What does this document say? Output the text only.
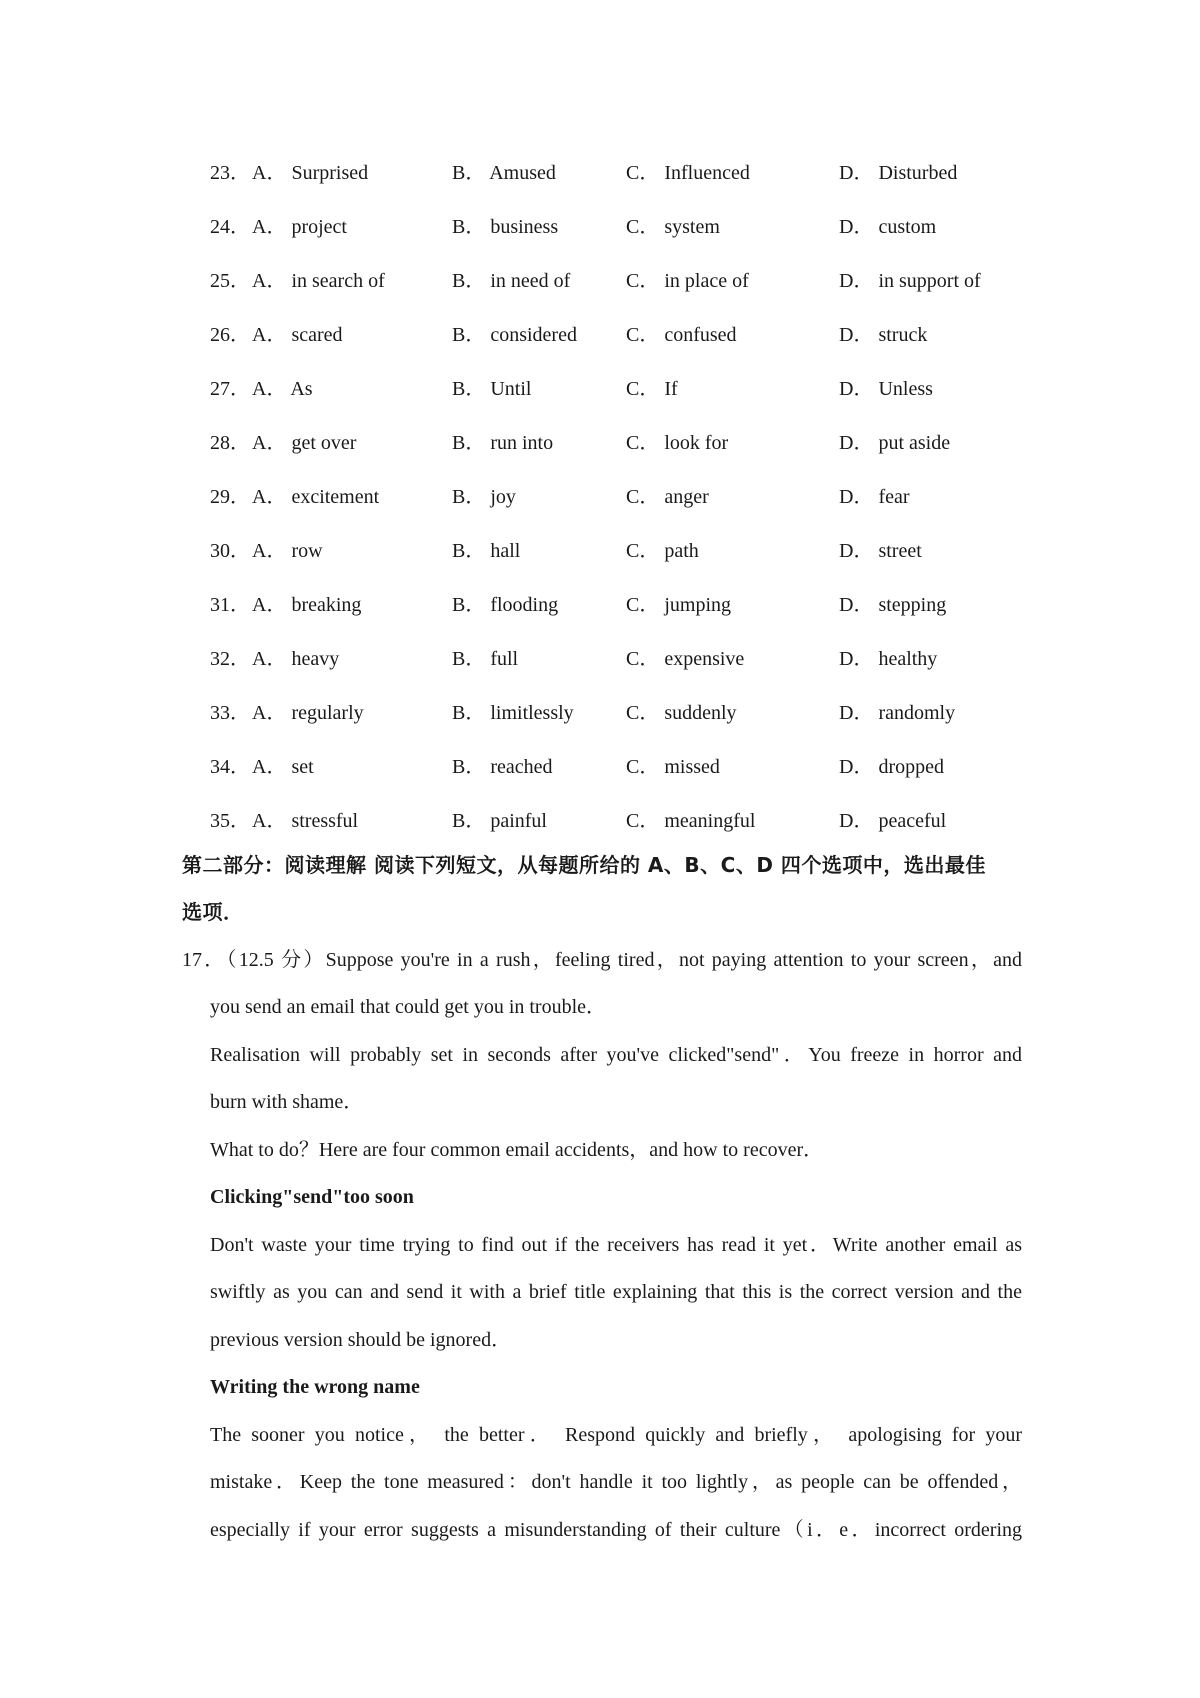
23． A． Surprised	B． Amused	C． Influenced	D． Disturbed
24． A． project	B． business	C． system	D． custom
25． A． in search of	B． in need of	C． in place of	D． in support of
26． A． scared	B． considered C． confused	D． struck
27． A． As	B． Until	C． If	D． Unless
28． A． get over	B． run into	C． look for	D． put aside
29． A． excitement	B． joy	C． anger	D． fear
30． A． row	B． hall	C． path	D． street
31． A． breaking	B． flooding	C． jumping	D． stepping
32． A． heavy	B． full	C． expensive	D． healthy
33． A． regularly	B． limitlessly	C． suddenly	D． randomly
34． A． set	B． reached	C． missed	D． dropped
35． A． stressful	B． painful	C． meaningful	D． peaceful
第二部分：阅读理解 阅读下列短文，从每题所给的 A、B、C、D 四个选项中，选出最佳
选项．
17．（12.5 分）Suppose you're in a rush，feeling tired，not paying attention to your screen，and
you send an email that could get you in trouble．
Realisation will probably set in seconds after you've clicked"send"．You freeze in horror and
burn with shame．
What to do？Here are four common email accidents，and how to recover．
Clicking"send"too soon
Don't waste your time trying to find out if the receivers has read it yet．Write another email as
swiftly as you can and send it with a brief title explaining that this is the correct version and the
previous version should be ignored．
Writing the wrong name
The sooner you notice， the better． Respond quickly and briefly， apologising for your
mistake．Keep the tone measured：don't handle it too lightly，as people can be offended，
especially if your error suggests a misunderstanding of their culture（i．e．incorrect ordering
